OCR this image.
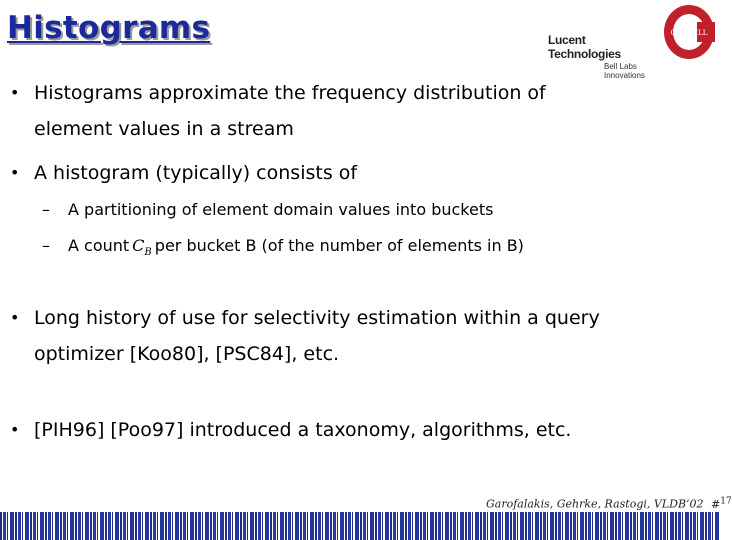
Histograms	Lucent Technologies
Bell Labs Innovations
CORNELL
• Histograms approximate the frequency distribution of
element values in a stream
• A histogram (typically) consists of
– A partitioning of element domain values into buckets
– A count $C_B$ per bucket B (of the number of elements in B)
• Long history of use for selectivity estimation within a query
optimizer [Koo80], [PSC84], etc.
• [PIH96] [Poo97] introduced a taxonomy, algorithms, etc.
Garofalakis, Gehrke, Rastogi, VLDB’02 #$^{17}$
